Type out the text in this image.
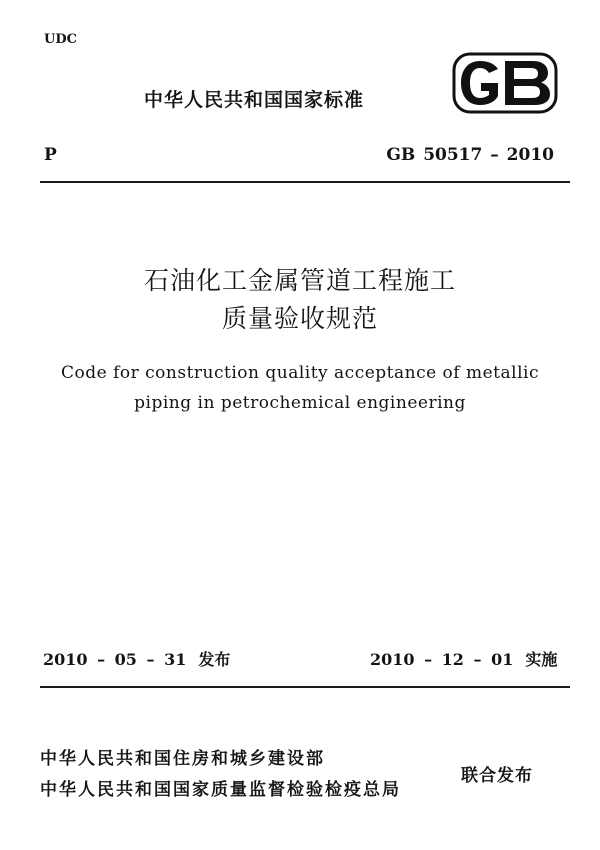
UDC
中华人民共和国国家标准
P	GB 50517 – 2010
石油化工金属管道工程施工
质量验收规范
Code for construction quality acceptance of metallic
piping in petrochemical engineering
2010 – 05 – 31 发布	2010 – 12 – 01 实施
中华人民共和国住房和城乡建设部
中华人民共和国国家质量监督检验检疫总局
联合发布
